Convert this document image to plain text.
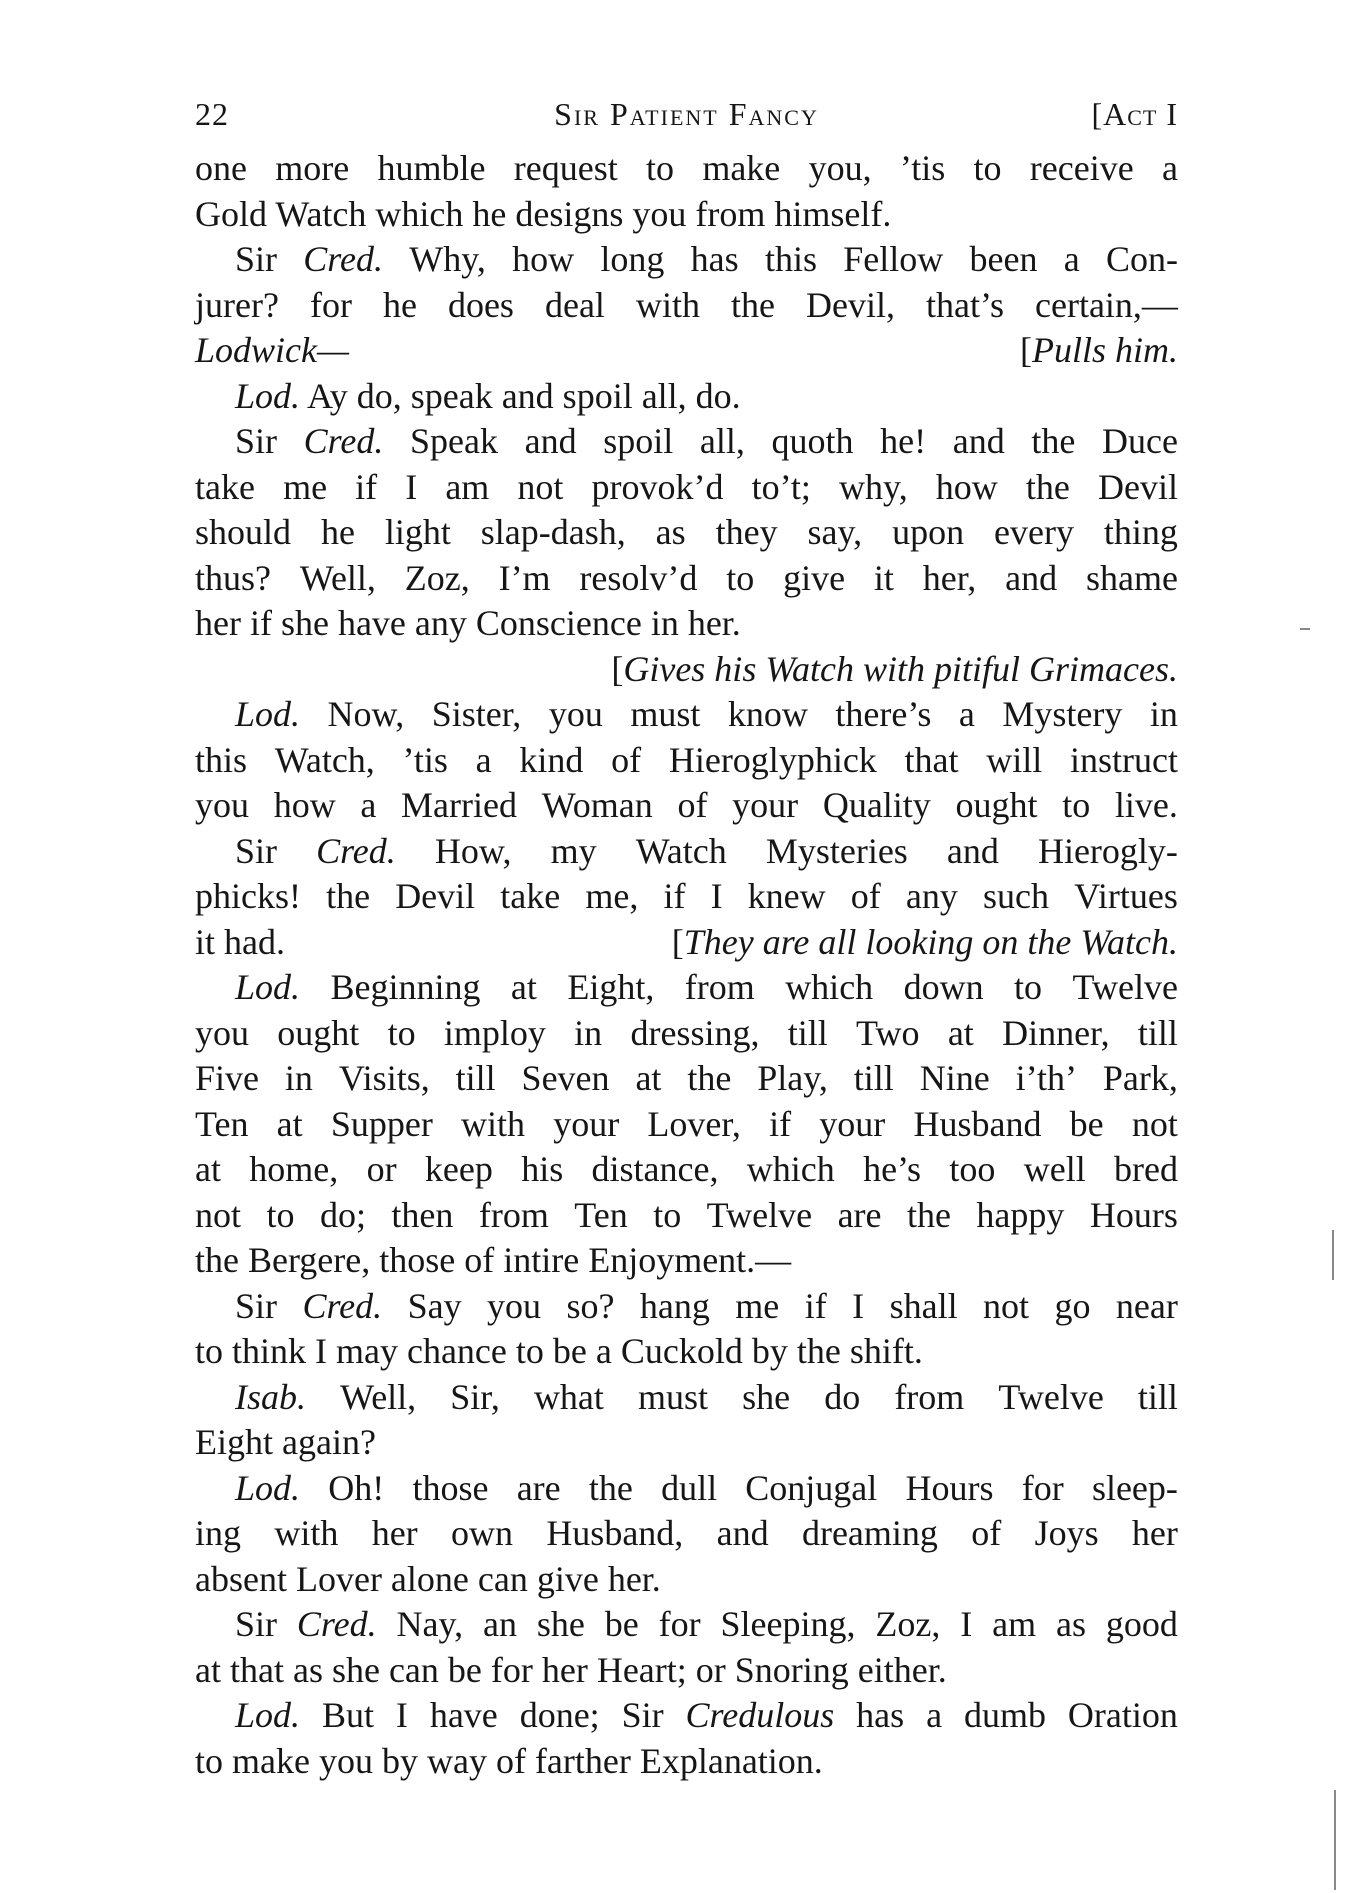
22	Sir Patient Fancy	[Act I
one more humble request to make you, ’tis to receive a
Gold Watch which he designs you from himself.
Sir Cred. Why, how long has this Fellow been a Con-
jurer? for he does deal with the Devil, that’s certain,—
Lodwick—	[Pulls him.
Lod. Ay do, speak and spoil all, do.
Sir Cred. Speak and spoil all, quoth he! and the Duce
take me if I am not provok’d to’t; why, how the Devil
should he light slap-dash, as they say, upon every thing
thus? Well, Zoz, I’m resolv’d to give it her, and shame
her if she have any Conscience in her.
[Gives his Watch with pitiful Grimaces.
Lod. Now, Sister, you must know there’s a Mystery in
this Watch, ’tis a kind of Hieroglyphick that will instruct
you how a Married Woman of your Quality ought to live.
Sir Cred. How, my Watch Mysteries and Hierogly-
phicks! the Devil take me, if I knew of any such Virtues
it had.	[They are all looking on the Watch.
Lod. Beginning at Eight, from which down to Twelve
you ought to imploy in dressing, till Two at Dinner, till
Five in Visits, till Seven at the Play, till Nine i’th’ Park,
Ten at Supper with your Lover, if your Husband be not
at home, or keep his distance, which he’s too well bred
not to do; then from Ten to Twelve are the happy Hours
the Bergere, those of intire Enjoyment.—
Sir Cred. Say you so? hang me if I shall not go near
to think I may chance to be a Cuckold by the shift.
Isab. Well, Sir, what must she do from Twelve till
Eight again?
Lod. Oh! those are the dull Conjugal Hours for sleep-
ing with her own Husband, and dreaming of Joys her
absent Lover alone can give her.
Sir Cred. Nay, an she be for Sleeping, Zoz, I am as good
at that as she can be for her Heart; or Snoring either.
Lod. But I have done; Sir Credulous has a dumb Oration
to make you by way of farther Explanation.
